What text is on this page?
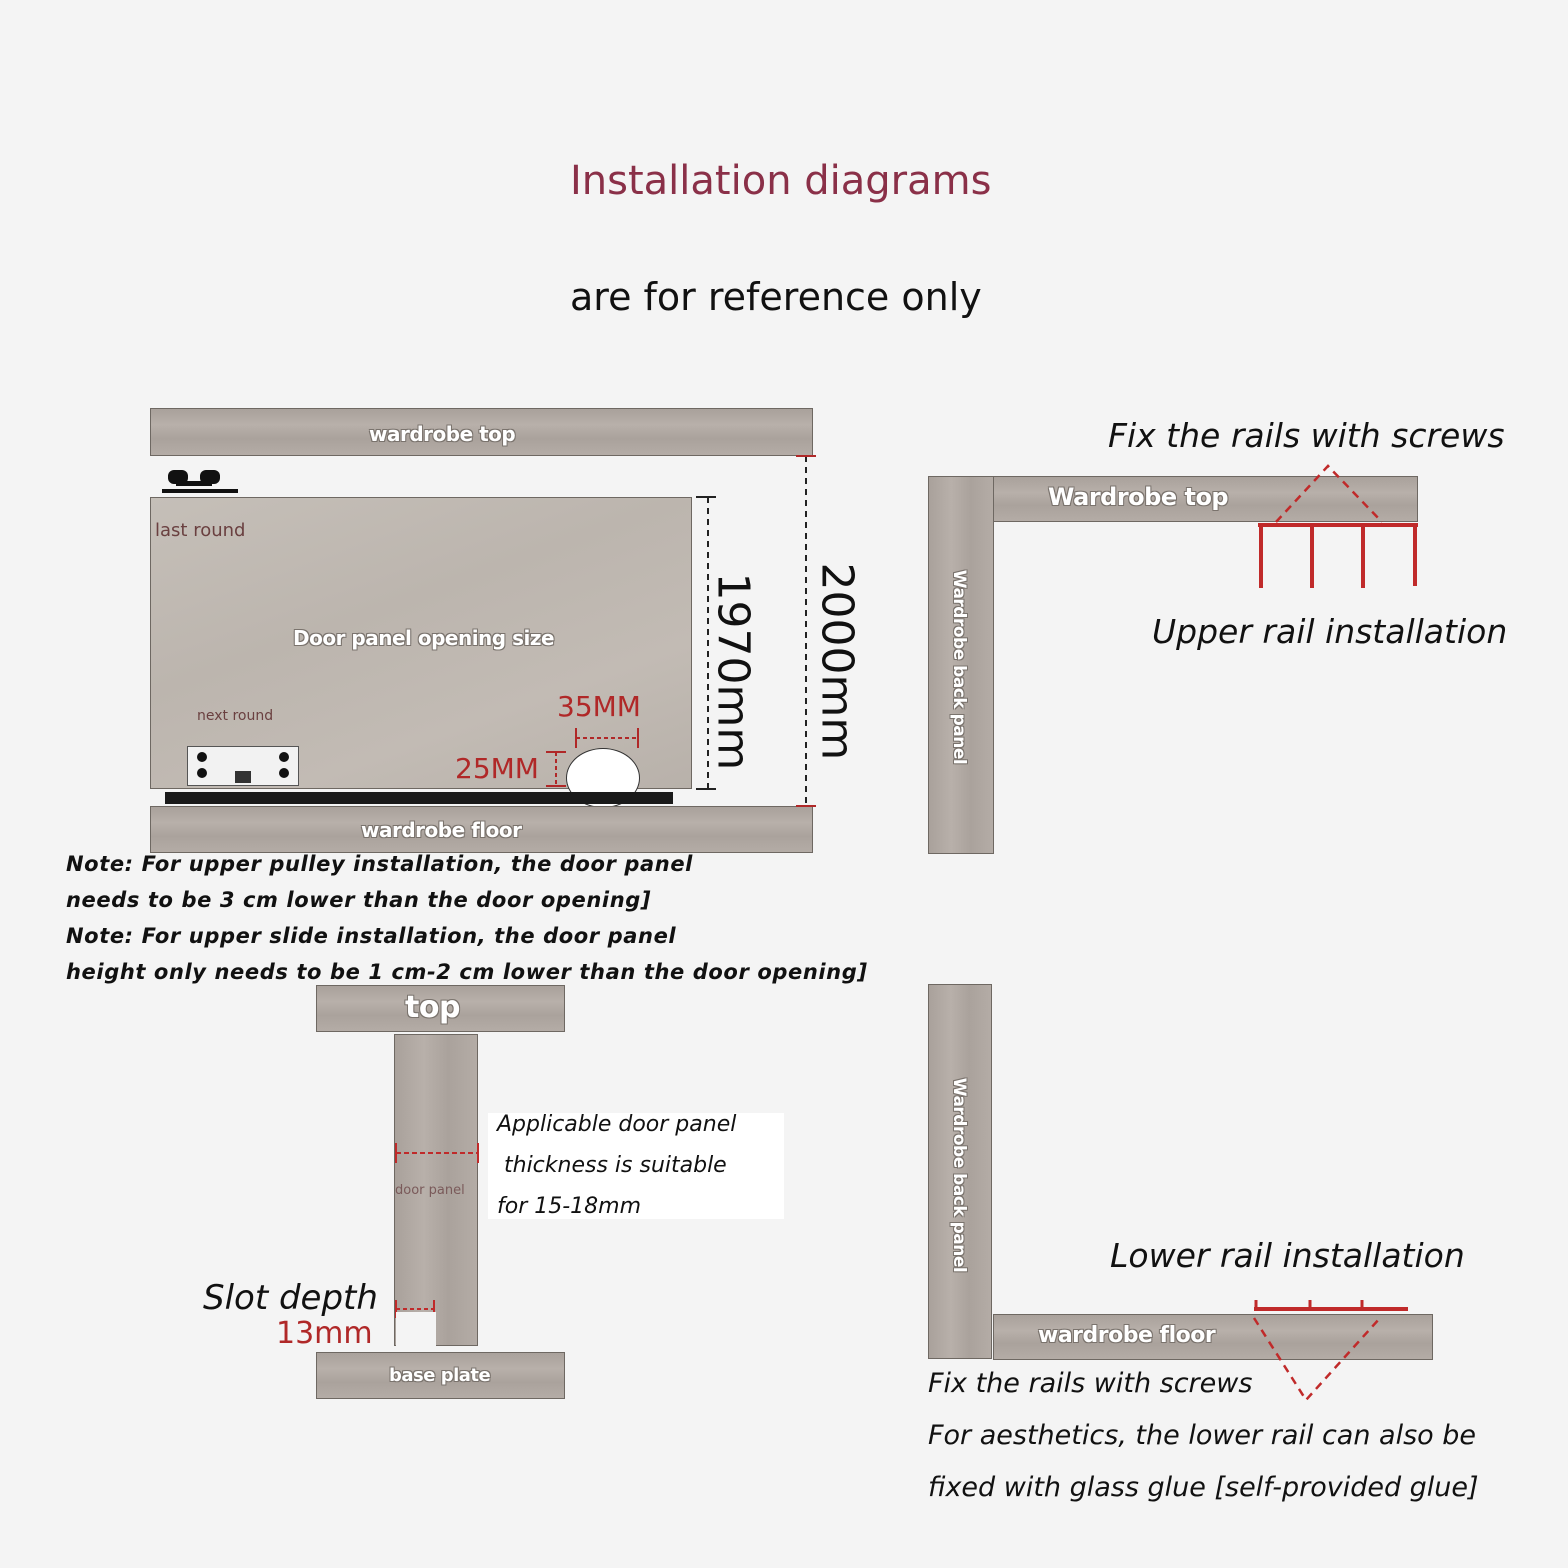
Installation diagrams
are for reference only
wardrobe top
last round
Door panel opening size
next round
wardrobe floor
35MM
25MM	1970mm 2000mm
Note: For upper pulley installation, the door panel
needs to be 3 cm lower than the door opening]
Note: For upper slide installation, the door panel
height only needs to be 1 cm-2 cm lower than the door opening]
Fix the rails with screws
Wardrobe top
Wardrobe back panel	Upper rail installation
top
door panel
base plate
Applicable door panel
thickness is suitable
for 15-18mm
Slot depth
13mm
Wardrobe back panel
wardrobe floor
Lower rail installation
Fix the rails with screws
For aesthetics, the lower rail can also be
fixed with glass glue [self-provided glue]
